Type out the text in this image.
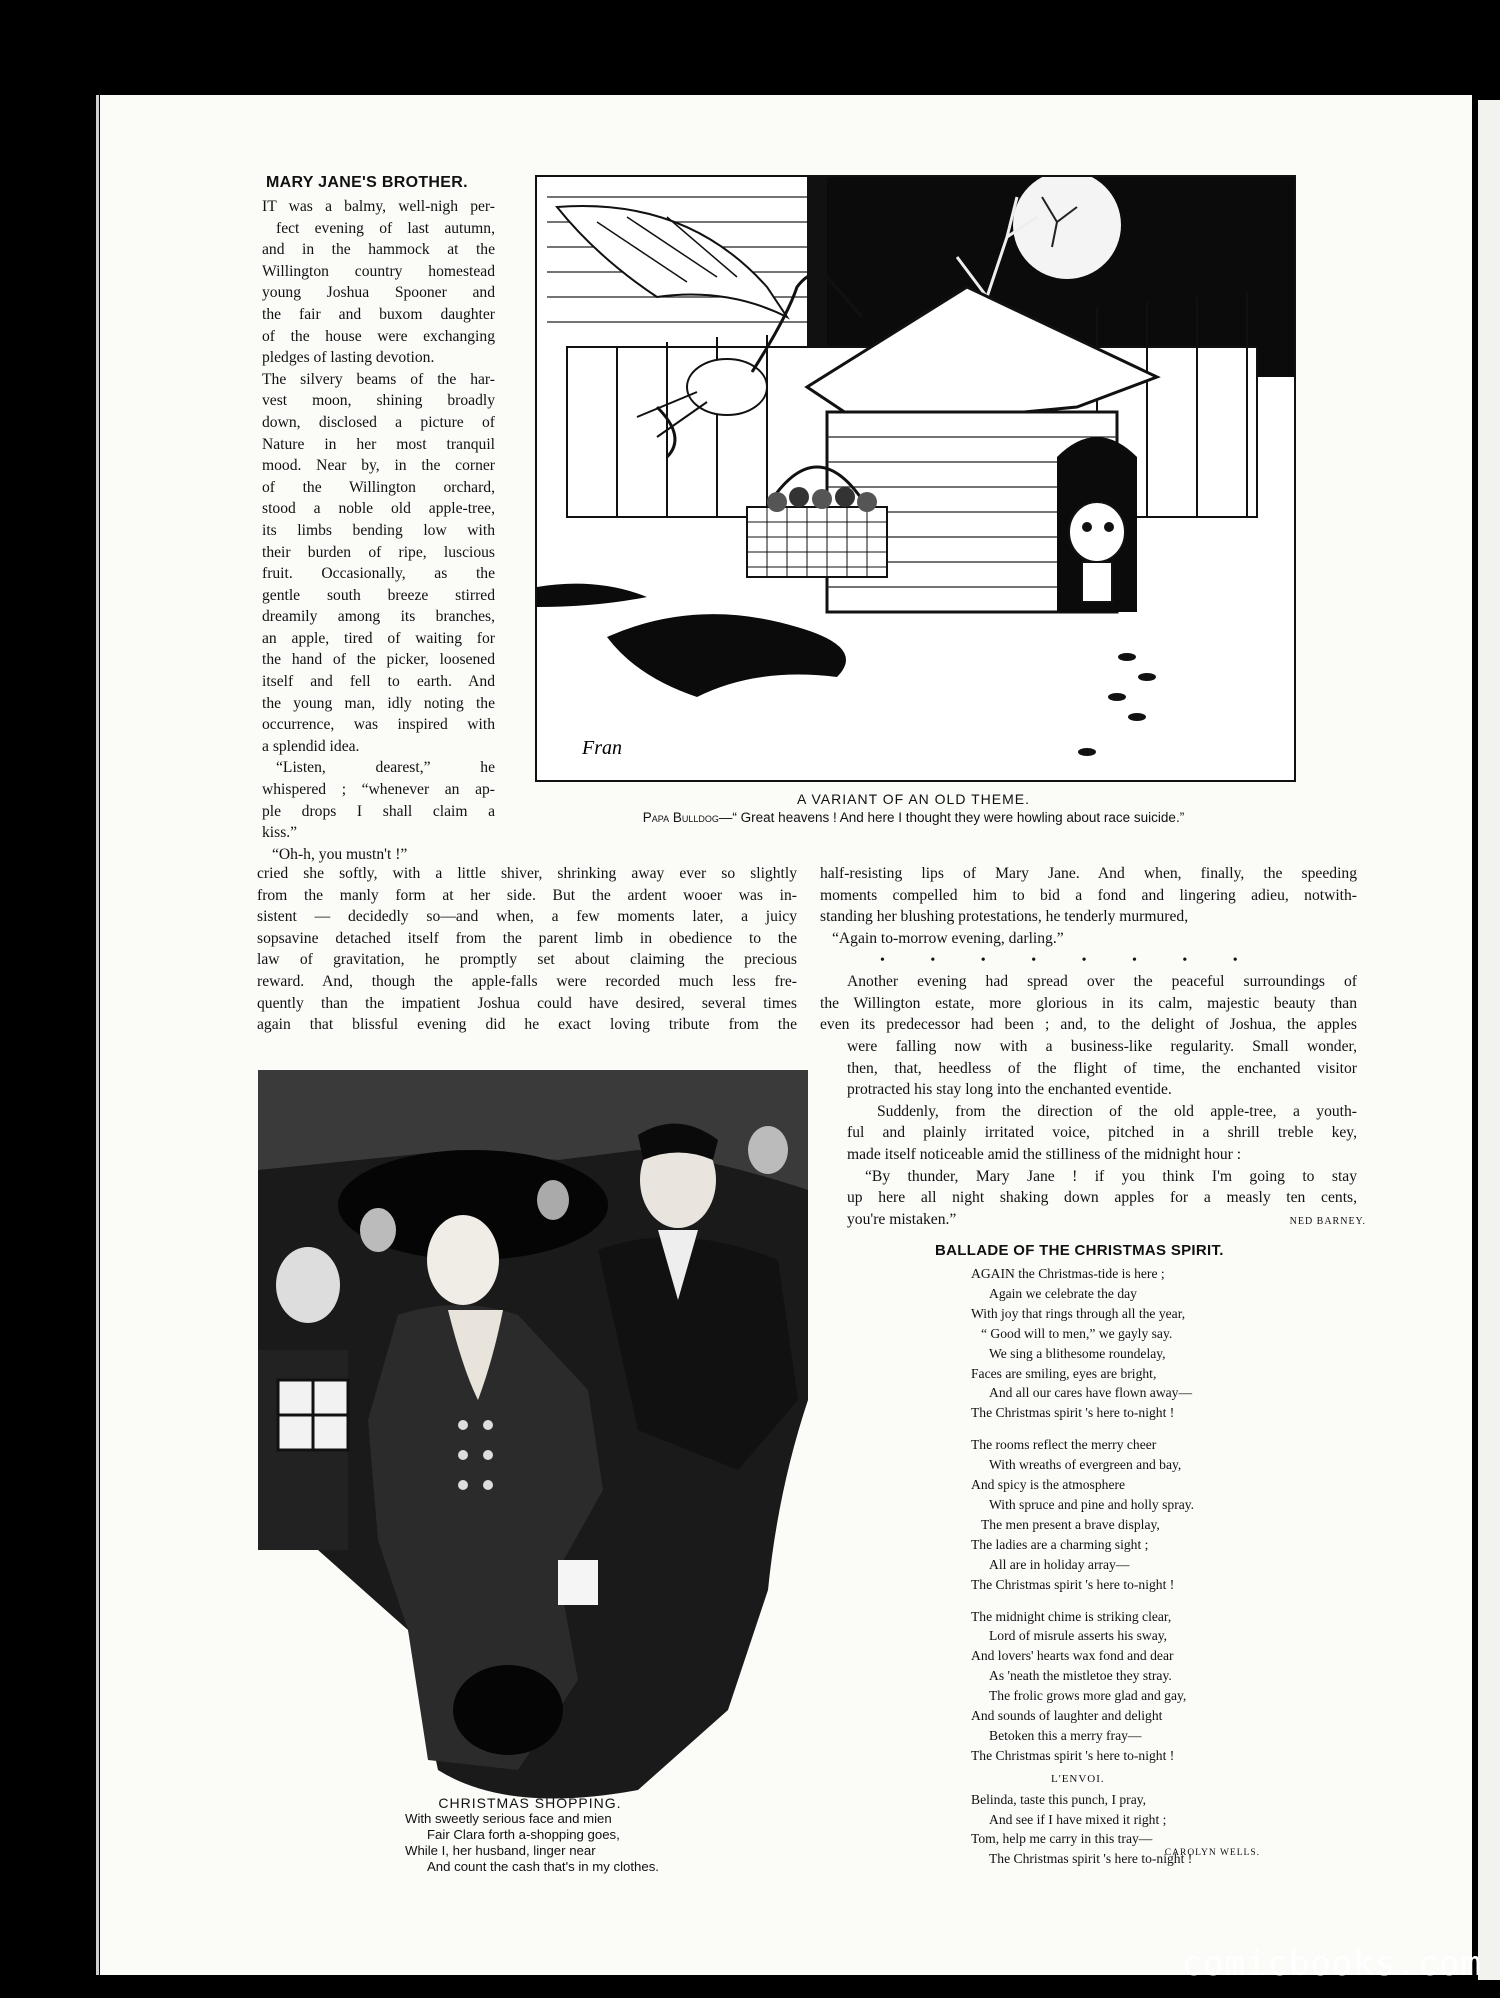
MARY JANE'S BROTHER.
IT was a balmy, well-nigh per-
fect evening of last autumn,
and in the hammock at the
Willington country homestead
young Joshua Spooner and
the fair and buxom daughter
of the house were exchanging
pledges of lasting devotion.
The silvery beams of the har-
vest moon, shining broadly
down, disclosed a picture of
Nature in her most tranquil
mood. Near by, in the corner
of the Willington orchard,
stood a noble old apple-tree,
its limbs bending low with
their burden of ripe, luscious
fruit. Occasionally, as the
gentle south breeze stirred
dreamily among its branches,
an apple, tired of waiting for
the hand of the picker, loosened
itself and fell to earth. And
the young man, idly noting the
occurrence, was inspired with
a splendid idea.
“Listen, dearest,” he
whispered ; “whenever an ap-
ple drops I shall claim a
kiss.”
“Oh-h, you mustn't !”
Fran
A VARIANT OF AN OLD THEME.
Papa Bulldog—“ Great heavens ! And here I thought they were howling about race suicide.”
cried she softly, with a little shiver, shrinking away ever so slightly
from the manly form at her side. But the ardent wooer was in-
sistent — decidedly so—and when, a few moments later, a juicy
sopsavine detached itself from the parent limb in obedience to the
law of gravitation, he promptly set about claiming the precious
reward. And, though the apple-falls were recorded much less fre-
quently than the impatient Joshua could have desired, several times
again that blissful evening did he exact loving tribute from the
half-resisting lips of Mary Jane. And when, finally, the speeding
moments compelled him to bid a fond and lingering adieu, notwith-
standing her blushing protestations, he tenderly murmured,
“Again to-morrow evening, darling.”
• • • • • • • •
Another evening had spread over the peaceful surroundings of
the Willington estate, more glorious in its calm, majestic beauty than
even its predecessor had been ; and, to the delight of Joshua, the apples
were falling now with a business-like regularity. Small wonder,
then, that, heedless of the flight of time, the enchanted visitor
protracted his stay long into the enchanted eventide.
Suddenly, from the direction of the old apple-tree, a youth-
ful and plainly irritated voice, pitched in a shrill treble key,
made itself noticeable amid the stilliness of the midnight hour :
“By thunder, Mary Jane ! if you think I'm going to stay
up here all night shaking down apples for a measly ten cents,
you're mistaken.”	NED BARNEY.
CHRISTMAS SHOPPING.
With sweetly serious face and mien
Fair Clara forth a-shopping goes,
While I, her husband, linger near
And count the cash that's in my clothes.
BALLADE OF THE CHRISTMAS SPIRIT.
AGAIN the Christmas-tide is here ;
Again we celebrate the day
With joy that rings through all the year,
“ Good will to men,” we gayly say.
We sing a blithesome roundelay,
Faces are smiling, eyes are bright,
And all our cares have flown away—
The Christmas spirit 's here to-night !
The rooms reflect the merry cheer
With wreaths of evergreen and bay,
And spicy is the atmosphere
With spruce and pine and holly spray.
The men present a brave display,
The ladies are a charming sight ;
All are in holiday array—
The Christmas spirit 's here to-night !
The midnight chime is striking clear,
Lord of misrule asserts his sway,
And lovers' hearts wax fond and dear
As 'neath the mistletoe they stray.
The frolic grows more glad and gay,
And sounds of laughter and delight
Betoken this a merry fray—
The Christmas spirit 's here to-night !
L'ENVOI.
Belinda, taste this punch, I pray,
And see if I have mixed it right ;
Tom, help me carry in this tray—
The Christmas spirit 's here to-night !
CAROLYN WELLS.
comicbooks.com
